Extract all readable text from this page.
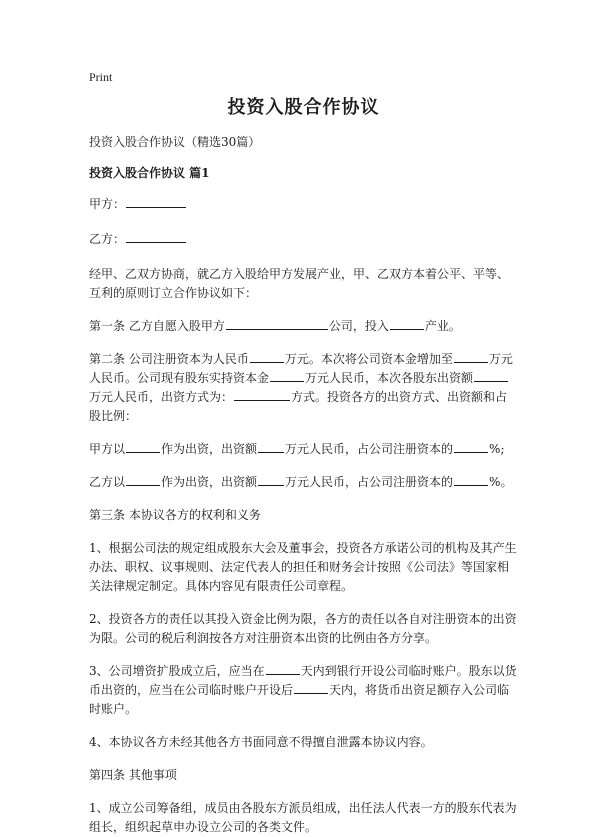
Print
投资入股合作协议

投资入股合作协议（精选30篇）

投资入股合作协议 篇1

甲方：

乙方：

经甲、乙双方协商，就乙方入股给甲方发展产业，甲、乙双方本着公平、平等、互利的原则订立合作协议如下：

第一条 乙方自愿入股甲方	公司，投入	产业。

第二条 公司注册资本为人民币	万元。本次将公司资本金增加至	万元人民币。公司现有股东实持资本金	万元人民币，本次各股东出资额万元人民币，出资方式为：	方式。投资各方的出资方式、出资额和占股比例：

甲方以	作为出资，出资额 万元人民币，占公司注册资本的	%;

乙方以	作为出资，出资额 万元人民币，占公司注册资本的	%。

第三条 本协议各方的权利和义务

1、根据公司法的规定组成股东大会及董事会，投资各方承诺公司的机构及其产生办法、职权、议事规则、法定代表人的担任和财务会计按照《公司法》等国家相关法律规定制定。具体内容见有限责任公司章程。

2、投资各方的责任以其投入资金比例为限，各方的责任以各自对注册资本的出资为限。公司的税后利润按各方对注册资本出资的比例由各方分享。

3、公司增资扩股成立后，应当在	天内到银行开设公司临时账户。股东以货币出资的，应当在公司临时账户开设后	天内，将货币出资足额存入公司临时账户。

4、本协议各方未经其他各方书面同意不得擅自泄露本协议内容。

第四条 其他事项

1、成立公司筹备组，成员由各股东方派员组成，出任法人代表一方的股东代表为组长，组织起草申办设立公司的各类文件。
